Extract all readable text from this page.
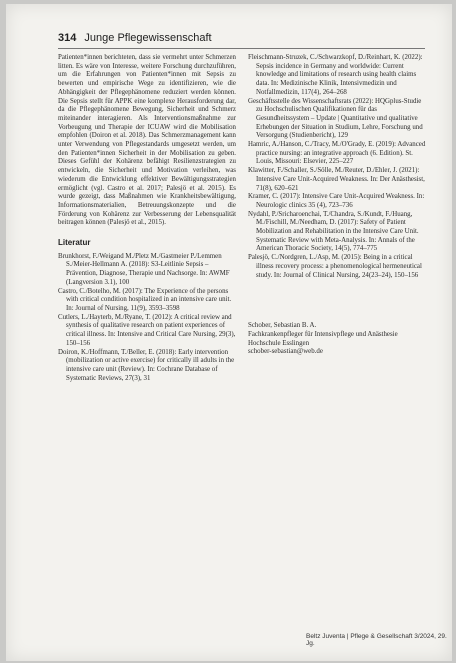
314 Junge Pflegewissenschaft

Patienten*innen berichteten, dass sie vermehrt unter Schmerzen litten. Es wäre von Interesse, weitere Forschung durchzuführen, um die Erfahrungen von Patienten*innen mit Sepsis zu bewerten und empirische Wege zu identifizieren, wie die Abhängigkeit der Pflegephänomene reduziert werden können. Die Sepsis stellt für APPK eine komplexe Herausforderung dar, da die Pflegephänomene Bewegung, Sicherheit und Schmerz miteinander interagieren. Als Interventionsmaßnahme zur Vorbeugung und Therapie der ICUAW wird die Mobilisation empfohlen (Doiron et al. 2018). Das Schmerzmanagement kann unter Verwendung von Pflegestandards umgesetzt werden, um den Patienten*innen Sicherheit in der Mobilisation zu geben. Dieses Gefühl der Kohärenz befähigt Resilienzstrategien zu entwickeln, die Sicherheit und Motivation verleihen, was wiederum die Entwicklung effektiver Bewältigungsstrategien ermöglicht (vgl. Castro et al. 2017; Palesjö et al. 2015). Es wurde gezeigt, dass Maßnahmen wie Krankheitsbewältigung, Informationsmaterialien, Betreuungskonzepte und die Förderung von Kohärenz zur Verbesserung der Lebensqualität beitragen können (Palesjö et al., 2015).

Literatur
Brunkhorst, F./Weigand M./Pletz M./Gastmeier P./Lemmen S./Meier-Hellmann A. (2018): S3-Leitlinie Sepsis – Prävention, Diagnose, Therapie und Nachsorge. In: AWMF (Langversion 3.1), 100
Castro, C./Botelho, M. (2017): The Experience of the persons with critical condition hospitalized in an intensive care unit. In: Journal of Nursing, 11(9), 3593–3598
Cutlers, L./Hayterb, M./Ryane, T. (2012): A critical review and synthesis of qualitative research on patient experiences of critical illness. In: Intensive and Critical Care Nursing, 29(3), 150–156
Doiron, K./Hoffmann, T./Beller, E. (2018): Early intervention (mobilization or active exercise) for critically ill adults in the intensive care unit (Review). In: Cochrane Database of Systematic Reviews, 27(3), 31
Fleischmann-Struzek, C./Schwarzkopf, D./Reinhart, K. (2022): Sepsis incidence in Germany and worldwide: Current knowledge and limitations of research using health claims data. In: Medizinische Klinik, Intensivmedizin und Notfallmedizin, 117(4), 264–268
Geschäftsstelle des Wissenschaftsrats (2022): HQGplus-Studie zu Hochschulischen Qualifikationen für das Gesundheitssystem – Update | Quantitative und qualitative Erhebungen der Situation in Studium, Lehre, Forschung und Versorgung (Studienbericht), 129
Hamric, A./Hanson, C./Tracy, M./O'Grady, E. (2019): Advanced practice nursing: an integrative approach (6. Edition). St. Louis, Missouri: Elsevier, 225–227
Klawitter, F./Schaller, S./Sölle, M./Reuter, D./Ehler, J. (2021): Intensive Care Unit-Acquired Weakness. In: Der Anästhesist, 71(8), 620–621
Kramer, C. (2017): Intensive Care Unit-Acquired Weakness. In: Neurologic clinics 35 (4), 723–736
Nydahl, P./Sricharoenchai, T./Chandra, S./Kundt, F./Huang, M./Fischill, M./Needham, D. (2017): Safety of Patient Mobilization and Rehabilitation in the Intensive Care Unit. Systematic Review with Meta-Analysis. In: Annals of the American Thoracic Society, 14(5), 774–775
Palesjö, C./Nordgren, L./Asp, M. (2015): Being in a critical illness recovery process: a phenomenological hermeneutical study. In: Journal of Clinical Nursing, 24(23–24), 150–156
Schober, Sebastian B. A.
Fachkrankenpfleger für Intensivpflege und Anästhesie
Hochschule Esslingen
schober-sebastian@web.de
Beltz Juventa | Pflege & Gesellschaft 3/2024, 29. Jg.
